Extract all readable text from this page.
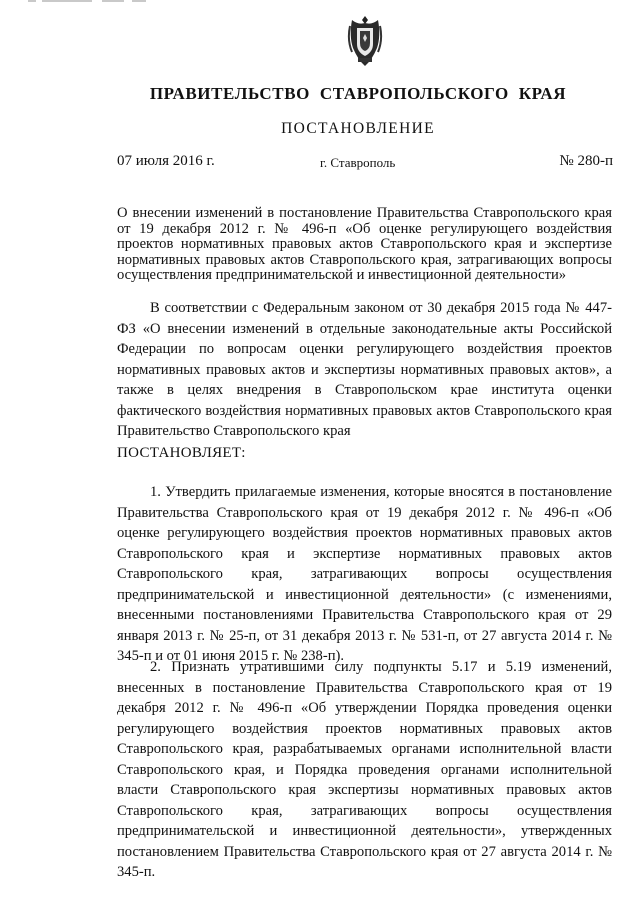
ПРАВИТЕЛЬСТВО СТАВРОПОЛЬСКОГО КРАЯ
ПОСТАНОВЛЕНИЕ
07 июля 2016 г.	г. Ставрополь	№ 280-п
О внесении изменений в постановление Правительства Ставропольского края от 19 декабря 2012 г. № 496-п «Об оценке регулирующего воздействия проектов нормативных правовых актов Ставропольского края и экспертизе нормативных правовых актов Ставропольского края, затрагивающих вопросы осуществления предпринимательской и инвестиционной деятельности»
В соответствии с Федеральным законом от 30 декабря 2015 года № 447-ФЗ «О внесении изменений в отдельные законодательные акты Российской Федерации по вопросам оценки регулирующего воздействия проектов нормативных правовых актов и экспертизы нормативных правовых актов», а также в целях внедрения в Ставропольском крае института оценки фактического воздействия нормативных правовых актов Ставропольского края Правительство Ставропольского края
ПОСТАНОВЛЯЕТ:
1. Утвердить прилагаемые изменения, которые вносятся в постановление Правительства Ставропольского края от 19 декабря 2012 г. № 496-п «Об оценке регулирующего воздействия проектов нормативных правовых актов Ставропольского края и экспертизе нормативных правовых актов Ставропольского края, затрагивающих вопросы осуществления предпринимательской и инвестиционной деятельности» (с изменениями, внесенными постановлениями Правительства Ставропольского края от 29 января 2013 г. № 25-п, от 31 декабря 2013 г. № 531-п, от 27 августа 2014 г. № 345-п и от 01 июня 2015 г. № 238-п).
2. Признать утратившими силу подпункты 5.17 и 5.19 изменений, внесенных в постановление Правительства Ставропольского края от 19 декабря 2012 г. № 496-п «Об утверждении Порядка проведения оценки регулирующего воздействия проектов нормативных правовых актов Ставропольского края, разрабатываемых органами исполнительной власти Ставропольского края, и Порядка проведения органами исполнительной власти Ставропольского края экспертизы нормативных правовых актов Ставропольского края, затрагивающих вопросы осуществления предпринимательской и инвестиционной деятельности», утвержденных постановлением Правительства Ставропольского края от 27 августа 2014 г. № 345-п.
